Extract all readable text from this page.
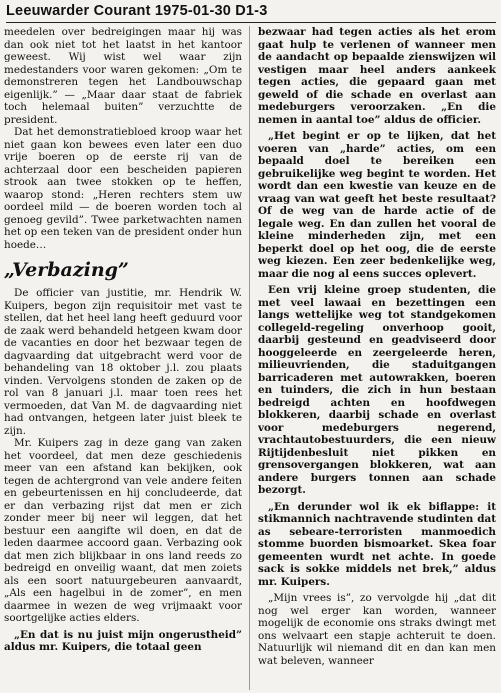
Leeuwarder Courant 1975-01-30 D1-3

meedelen over bedreigingen maar hij was dan ook niet tot het laatst in het kantoor geweest. Wij wist wel waar zijn medestanders voor waren gekomen: „Om te demonstreren tegen het Landbouwschap eigenlijk.” — „Maar daar staat de fabriek toch helemaal buiten” verzuchtte de president.

Dat het demonstratiebloed kroop waar het niet gaan kon bewees even later een duo vrije boeren op de eerste rij van de achterzaal door een bescheiden papieren strook aan twee stokken op te heffen, waarop stond: „Heren rechters stem uw oordeel mild — de boeren worden toch al genoeg gevild”. Twee parketwachten namen het op een teken van de president onder hun hoede…

„Verbazing”

De officier van justitie, mr. Hendrik W. Kuipers, begon zijn requisitoir met vast te stellen, dat het heel lang heeft geduurd voor de zaak werd behandeld hetgeen kwam door de vacanties en door het bezwaar tegen de dagvaarding dat uitgebracht werd voor de behandeling van 18 oktober j.l. zou plaats vinden. Vervolgens stonden de zaken op de rol van 8 januari j.l. maar toen rees het vermoeden, dat Van M. de dagvaarding niet had ontvangen, hetgeen later juist bleek te zijn.

Mr. Kuipers zag in deze gang van zaken het voordeel, dat men deze geschiedenis meer van een afstand kan bekijken, ook tegen de achtergrond van vele andere feiten en gebeurtenissen en hij concludeerde, dat er dan verbazing rijst dat men er zich zonder meer bij neer wil leggen, dat het bestuur een aangifte wil doen, en dat de leden daarmee accoord gaan. Verbazing ook dat men zich blijkbaar in ons land reeds zo bedreigd en onveilig waant, dat men zoiets als een soort natuurgebeuren aanvaardt, „Als een hagelbui in de zomer”, en men daarmee in wezen de weg vrijmaakt voor soortgelijke acties elders.

„En dat is nu juist mijn ongerustheid” aldus mr. Kuipers, die totaal geen

bezwaar had tegen acties als het erom gaat hulp te verlenen of wanneer men de aandacht op bepaalde zienswijzen wil vestigen maar heel anders aankeek tegen acties, die gepaard gaan met geweld of die schade en overlast aan medeburgers veroorzaken. „En die nemen in aantal toe” aldus de officier.

„Het begint er op te lijken, dat het voeren van „harde” acties, om een bepaald doel te bereiken een gebruikelijke weg begint te worden. Het wordt dan een kwestie van keuze en de vraag van wat geeft het beste resultaat? Of de weg van de harde actie of de legale weg. En dan zullen het vooral de kleine minderheden zijn, met een beperkt doel op het oog, die de eerste weg kiezen. Een zeer bedenkelijke weg, maar die nog al eens succes oplevert.

Een vrij kleine groep studenten, die met veel lawaai en bezettingen een langs wettelijke weg tot standgekomen collegeld-regeling onverhoop gooit, daarbij gesteund en geadviseerd door hooggeleerde en zeergeleerde heren, milieuvrienden, die staduitgangen barricaderen met autowrakken, boeren en tuinders, die zich in hun bestaan bedreigd achten en hoofdwegen blokkeren, daarbij schade en overlast voor medeburgers negerend, vrachtautobestuurders, die een nieuw Rijtijdenbesluit niet pikken en grensovergangen blokkeren, wat aan andere burgers tonnen aan schade bezorgt.

„En derunder wol ik ek biflappe: it stikmannich nachtravende studinten dat as sebeare-terroristen manmoedich stomme buorden bismoarket. Skea foar gemeenten wurdt net achte. In goede sack is sokke middels net brek,” aldus mr. Kuipers.

„Mijn vrees is”, zo vervolgde hij „dat dit nog wel erger kan worden, wanneer mogelijk de economie ons straks dwingt met ons welvaart een stapje achteruit te doen. Natuurlijk wil niemand dit en dan kan men wat beleven, wanneer
